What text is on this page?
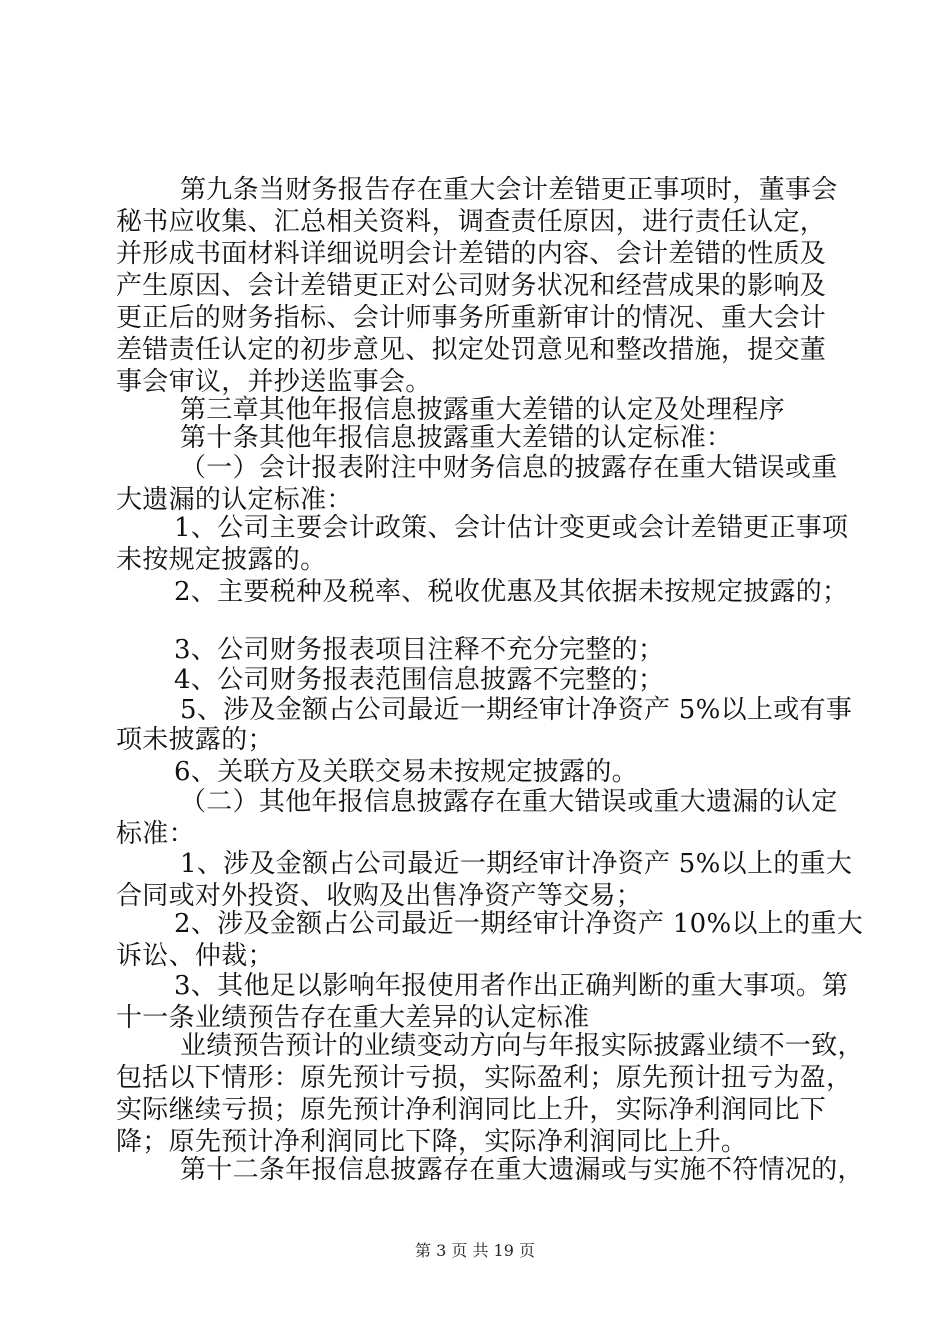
第九条当财务报告存在重大会计差错更正事项时，董事会
秘书应收集、汇总相关资料，调查责任原因，进行责任认定，
并形成书面材料详细说明会计差错的内容、会计差错的性质及
产生原因、会计差错更正对公司财务状况和经营成果的影响及
更正后的财务指标、会计师事务所重新审计的情况、重大会计
差错责任认定的初步意见、拟定处罚意见和整改措施，提交董
事会审议，并抄送监事会。
第三章其他年报信息披露重大差错的认定及处理程序
第十条其他年报信息披露重大差错的认定标准：
（一）会计报表附注中财务信息的披露存在重大错误或重
大遗漏的认定标准：
1、公司主要会计政策、会计估计变更或会计差错更正事项
未按规定披露的。
2、主要税种及税率、税收优惠及其依据未按规定披露的；
3、公司财务报表项目注释不充分完整的；
4、公司财务报表范围信息披露不完整的；
5、涉及金额占公司最近一期经审计净资产 5%以上或有事
项未披露的；
6、关联方及关联交易未按规定披露的。
（二）其他年报信息披露存在重大错误或重大遗漏的认定
标准：
1、涉及金额占公司最近一期经审计净资产 5%以上的重大
合同或对外投资、收购及出售净资产等交易；
2、涉及金额占公司最近一期经审计净资产 10%以上的重大
诉讼、仲裁；
3、其他足以影响年报使用者作出正确判断的重大事项。第
十一条业绩预告存在重大差异的认定标准
业绩预告预计的业绩变动方向与年报实际披露业绩不一致，
包括以下情形：原先预计亏损，实际盈利；原先预计扭亏为盈，
实际继续亏损；原先预计净利润同比上升，实际净利润同比下
降；原先预计净利润同比下降，实际净利润同比上升。
第十二条年报信息披露存在重大遗漏或与实施不符情况的，
第 3 页 共 19 页
